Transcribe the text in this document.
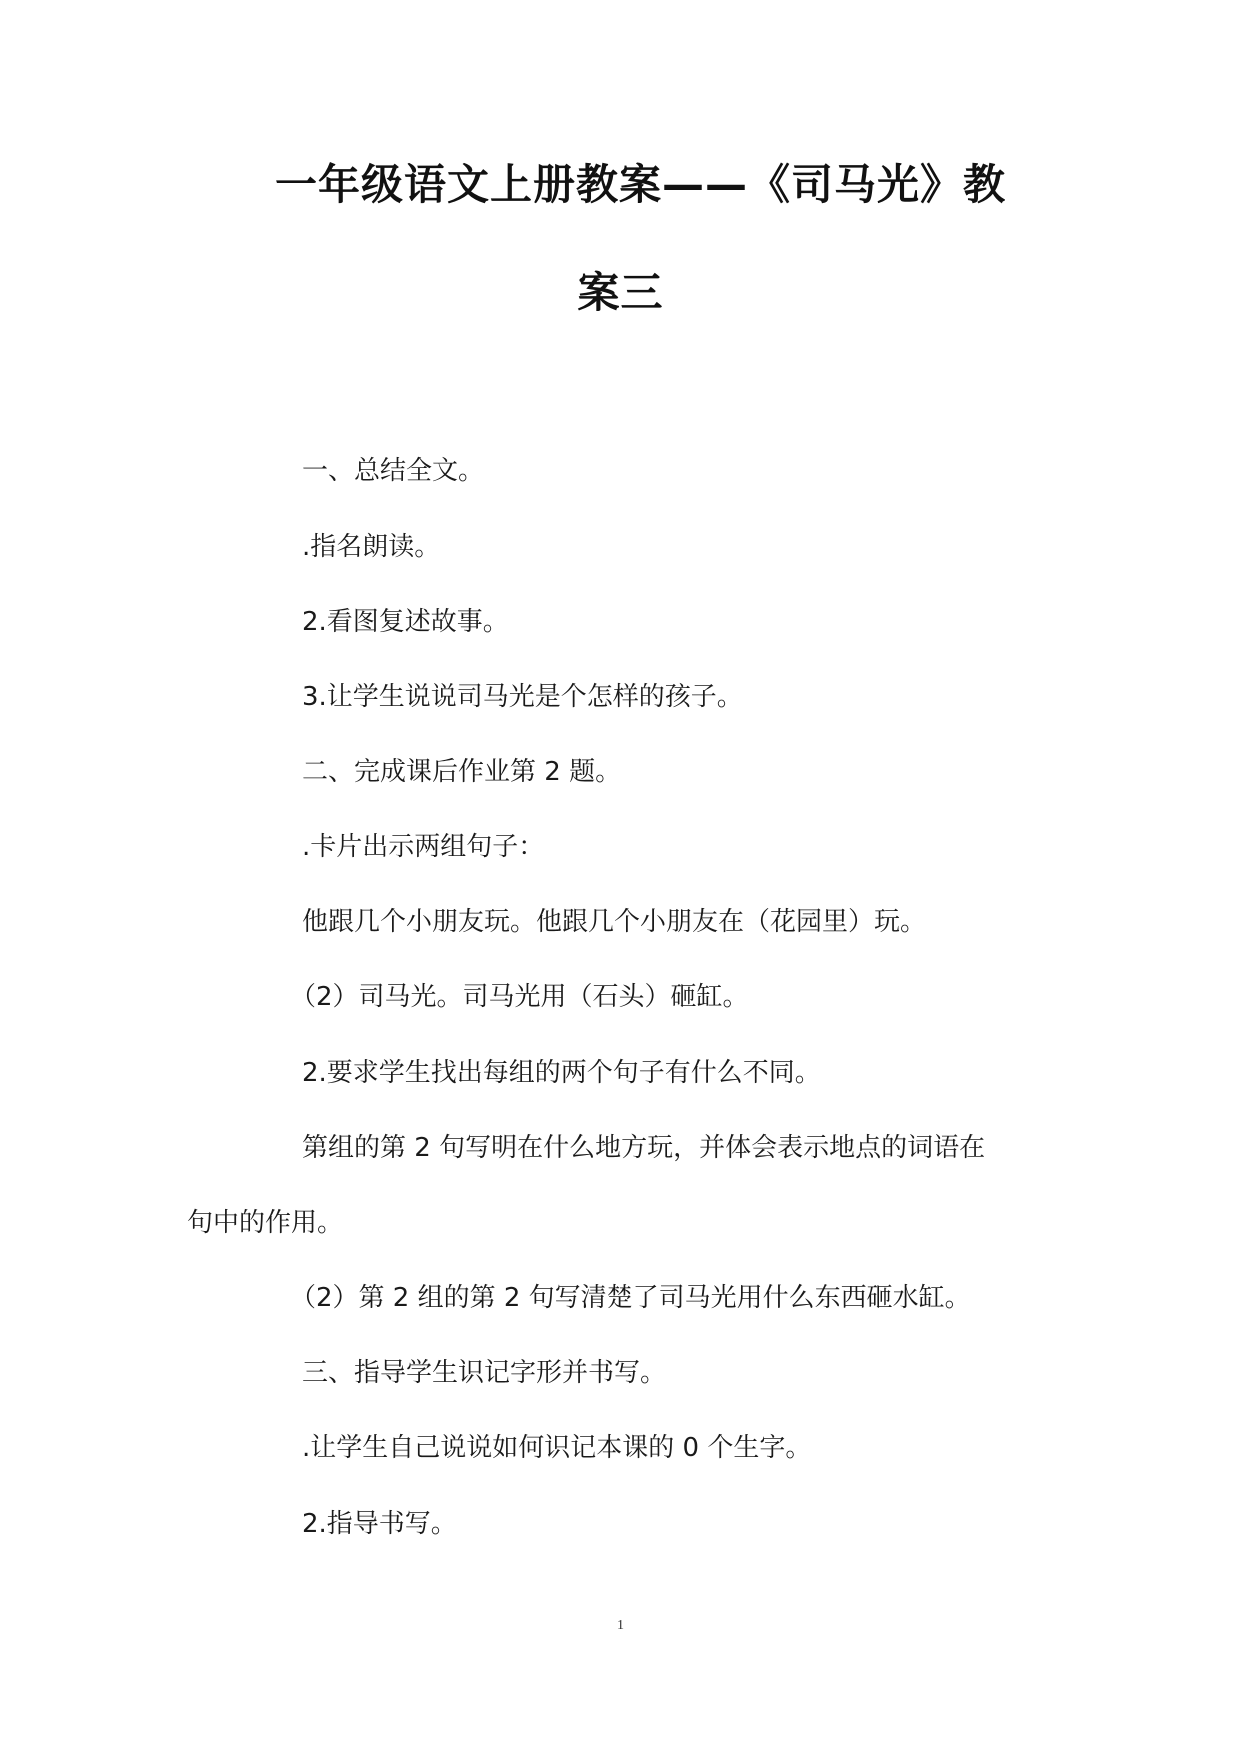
一年级语文上册教案——《司马光》教
案三
一、总结全文。
.指名朗读。
2.看图复述故事。
3.让学生说说司马光是个怎样的孩子。
二、完成课后作业第 2 题。
.卡片出示两组句子：
他跟几个小朋友玩。他跟几个小朋友在（花园里）玩。
（2）司马光。司马光用（石头）砸缸。
2.要求学生找出每组的两个句子有什么不同。
第组的第 2 句写明在什么地方玩，并体会表示地点的词语在
句中的作用。
（2）第 2 组的第 2 句写清楚了司马光用什么东西砸水缸。
三、指导学生识记字形并书写。
.让学生自己说说如何识记本课的 0 个生字。
2.指导书写。
1
